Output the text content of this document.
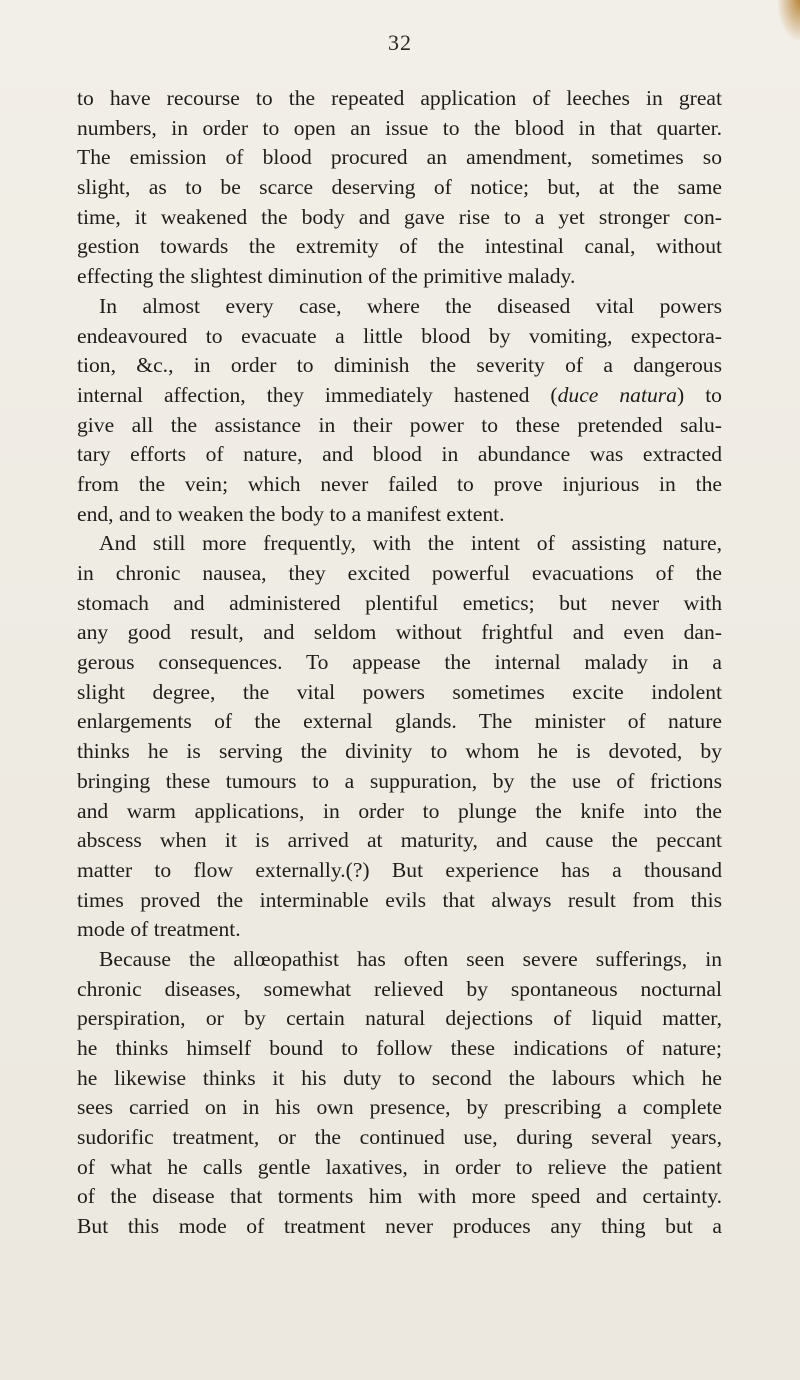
32
to have recourse to the repeated application of leeches in great
numbers, in order to open an issue to the blood in that quarter.
The emission of blood procured an amendment, sometimes so
slight, as to be scarce deserving of notice; but, at the same
time, it weakened the body and gave rise to a yet stronger con-
gestion towards the extremity of the intestinal canal, without
effecting the slightest diminution of the primitive malady.
In almost every case, where the diseased vital powers
endeavoured to evacuate a little blood by vomiting, expectora-
tion, &c., in order to diminish the severity of a dangerous
internal affection, they immediately hastened (duce natura) to
give all the assistance in their power to these pretended salu-
tary efforts of nature, and blood in abundance was extracted
from the vein; which never failed to prove injurious in the
end, and to weaken the body to a manifest extent.
And still more frequently, with the intent of assisting nature,
in chronic nausea, they excited powerful evacuations of the
stomach and administered plentiful emetics; but never with
any good result, and seldom without frightful and even dan-
gerous consequences. To appease the internal malady in a
slight degree, the vital powers sometimes excite indolent
enlargements of the external glands. The minister of nature
thinks he is serving the divinity to whom he is devoted, by
bringing these tumours to a suppuration, by the use of frictions
and warm applications, in order to plunge the knife into the
abscess when it is arrived at maturity, and cause the peccant
matter to flow externally.(?) But experience has a thousand
times proved the interminable evils that always result from this
mode of treatment.
Because the allœopathist has often seen severe sufferings, in
chronic diseases, somewhat relieved by spontaneous nocturnal
perspiration, or by certain natural dejections of liquid matter,
he thinks himself bound to follow these indications of nature;
he likewise thinks it his duty to second the labours which he
sees carried on in his own presence, by prescribing a complete
sudorific treatment, or the continued use, during several years,
of what he calls gentle laxatives, in order to relieve the patient
of the disease that torments him with more speed and certainty.
But this mode of treatment never produces any thing but a
